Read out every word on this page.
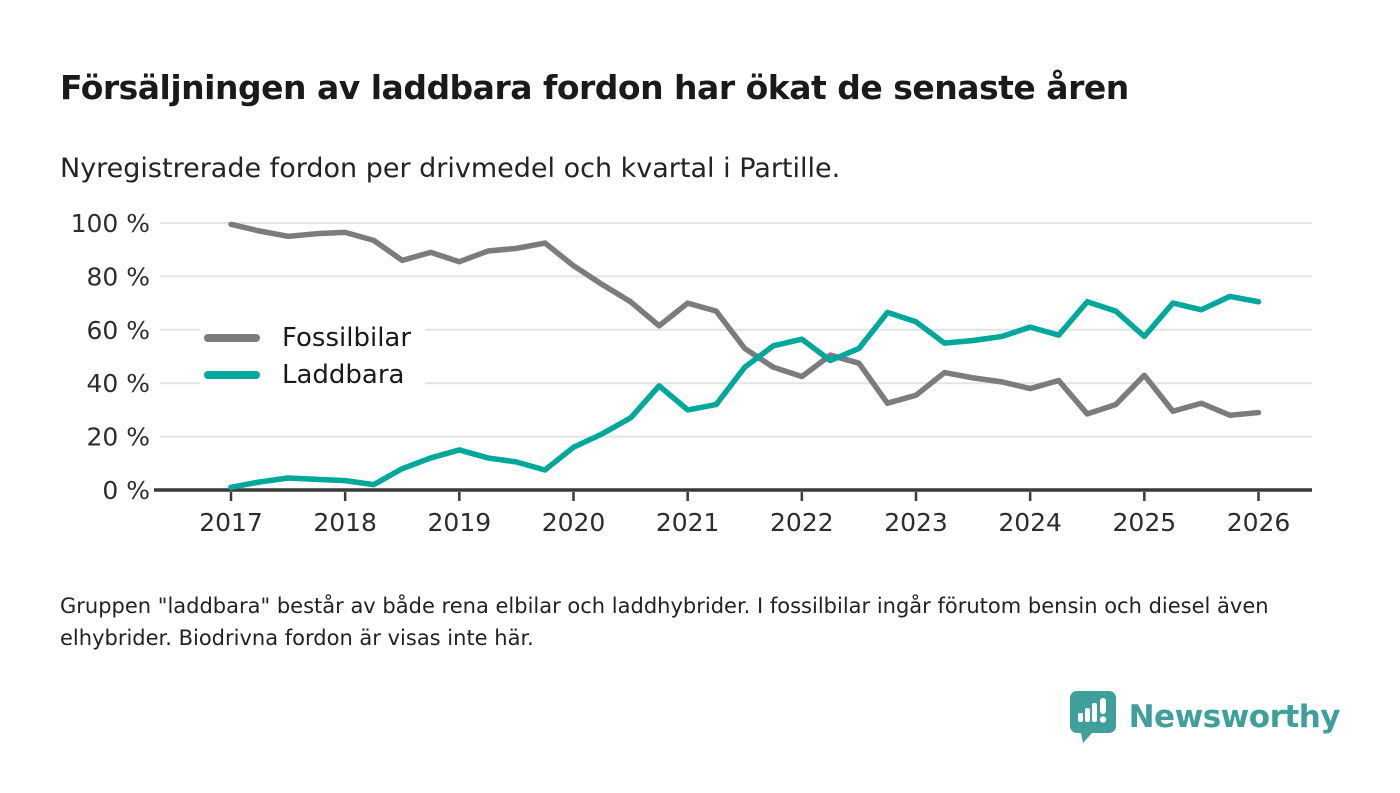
Försäljningen av laddbara fordon har ökat de senaste åren
Nyregistrerade fordon per drivmedel och kvartal i Partille.
0 %
20 %
40 %
60 %
80 %
100 %
2017 2018 2019 2020 2021 2022 2023 2024 2025 2026
Fossilbilar
Laddbara
Gruppen "laddbara" består av både rena elbilar och laddhybrider. I fossilbilar ingår förutom bensin och diesel även elhybrider. Biodrivna fordon är visas inte här.
Newsworthy
